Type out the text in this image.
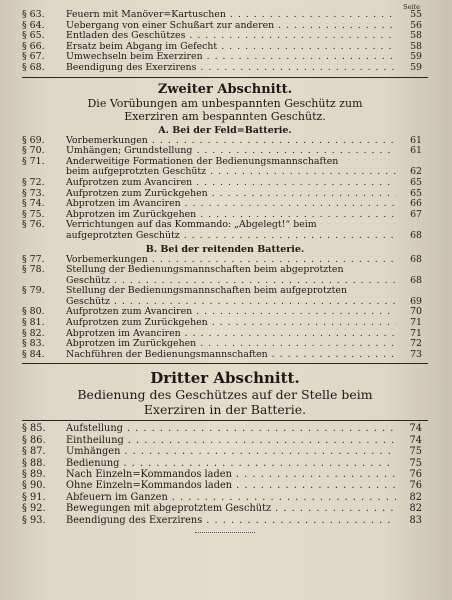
Seite
§ 63.	Feuern mit Manöver=Kartuschen . . .	55
§ 64.	Uebergang von einer Schußart zur anderen . . .	56
§ 65.	Entladen des Geschützes . . .	58
§ 66.	Ersatz beim Abgang im Gefecht . . .	58
§ 67.	Umwechseln beim Exerziren . . .	59
§ 68.	Beendigung des Exerzirens . . .	59
Zweiter Abschnitt.
Die Vorübungen am unbespannten Geschütz zum
Exerziren am bespannten Geschütz.
A. Bei der Feld=Batterie.
§ 69.	Vorbemerkungen . . .	61
§ 70.	Umhängen; Grundstellung . . .	61
§ 71.	Anderweitige Formationen der Bedienungsmannschaften
beim aufgeprotzten Geschütz . . .	62
§ 72.	Aufprotzen zum Avanciren . . .	65
§ 73.	Aufprotzen zum Zurückgehen . . .	65
§ 74.	Abprotzen im Avanciren . . .	66
§ 75.	Abprotzen im Zurückgehen . . .	67
§ 76.	Verrichtungen auf das Kommando: „Abgelegt!“ beim
aufgeprotzten Geschütz . . .	68
B. Bei der reitenden Batterie.
§ 77.	Vorbemerkungen . . .	68
§ 78.	Stellung der Bedienungsmannschaften beim abgeprotzten
Geschütz . . .	68
§ 79.	Stellung der Bedienungsmannschaften beim aufgeprotzten
Geschütz . . .	69
§ 80.	Aufprotzen zum Avanciren . . .	70
§ 81.	Aufprotzen zum Zurückgehen . . .	71
§ 82.	Abprotzen im Avanciren . . .	71
§ 83.	Abprotzen im Zurückgehen . . .	72
§ 84.	Nachführen der Bedienungsmannschaften . . .	73
Dritter Abschnitt.
Bedienung des Geschützes auf der Stelle beim
Exerziren in der Batterie.
§ 85.	Aufstellung . . .	74
§ 86.	Eintheilung . . .	74
§ 87.	Umhängen . . .	75
§ 88.	Bedienung . . .	75
§ 89.	Nach Einzeln=Kommandos laden . . .	76
§ 90.	Ohne Einzeln=Kommandos laden . . .	76
§ 91.	Abfeuern im Ganzen . . .	82
§ 92.	Bewegungen mit abgeprotztem Geschütz . . .	82
§ 93.	Beendigung des Exerzirens . . .	83
